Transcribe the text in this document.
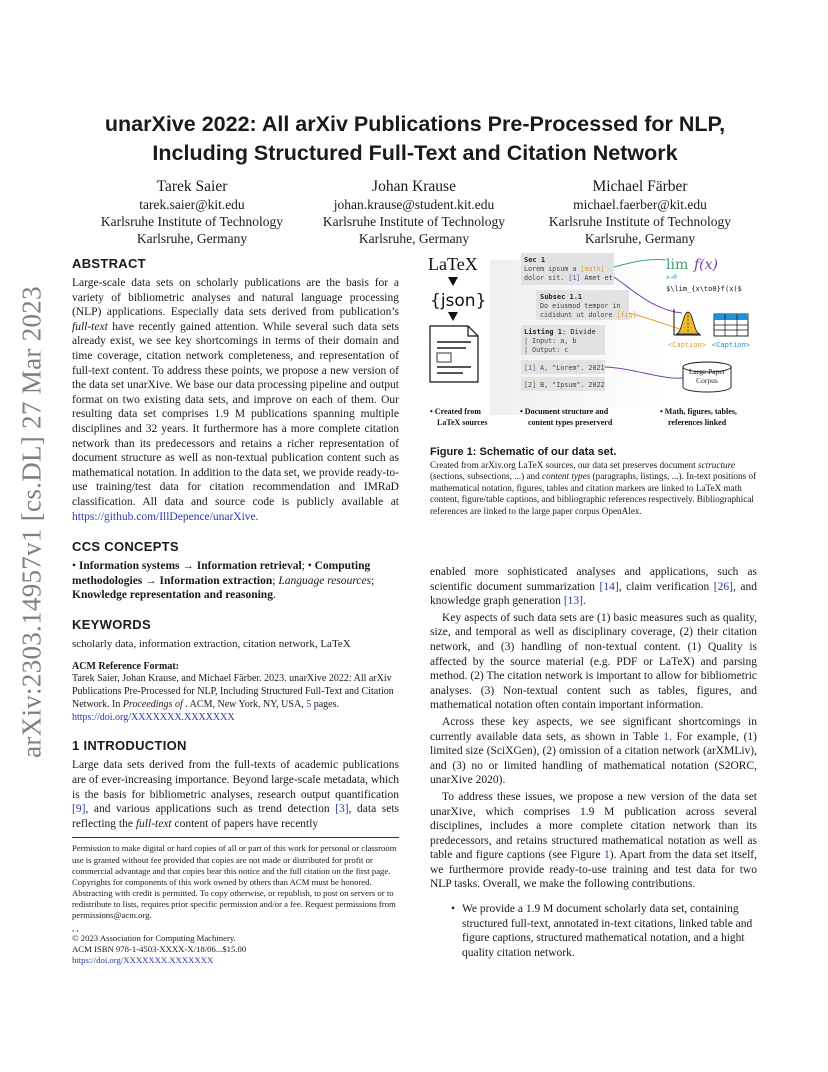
arXiv:2303.14957v1 [cs.DL] 27 Mar 2023
unarXive 2022: All arXiv Publications Pre-Processed for NLP,
Including Structured Full-Text and Citation Network
Tarek Saier
tarek.saier@kit.edu
Karlsruhe Institute of Technology
Karlsruhe, Germany
Johan Krause
johan.krause@student.kit.edu
Karlsruhe Institute of Technology
Karlsruhe, Germany
Michael Färber
michael.faerber@kit.edu
Karlsruhe Institute of Technology
Karlsruhe, Germany
ABSTRACT

Large-scale data sets on scholarly publications are the basis for a variety of bibliometric analyses and natural language processing (NLP) applications. Especially data sets derived from publication’s full-text have recently gained attention. While several such data sets already exist, we see key shortcomings in terms of their domain and time coverage, citation network completeness, and representation of full-text content. To address these points, we propose a new version of the data set unarXive. We base our data processing pipeline and output format on two existing data sets, and improve on each of them. Our resulting data set comprises 1.9 M publications spanning multiple disciplines and 32 years. It furthermore has a more complete citation network than its predecessors and retains a richer representation of document structure as well as non-textual publication content such as mathematical notation. In addition to the data set, we provide ready-to-use training/test data for citation recommendation and IMRaD classification. All data and source code is publicly available at https://github.com/IllDepence/unarXive.

CCS CONCEPTS

• Information systems → Information retrieval; • Computing methodologies → Information extraction; Language resources; Knowledge representation and reasoning.

KEYWORDS

scholarly data, information extraction, citation network, LaTeX

ACM Reference Format:

Tarek Saier, Johan Krause, and Michael Färber. 2023. unarXive 2022: All arXiv Publications Pre-Processed for NLP, Including Structured Full-Text and Citation Network. In Proceedings of . ACM, New York, NY, USA, 5 pages. https://doi.org/XXXXXXX.XXXXXXX

1 INTRODUCTION

Large data sets derived from the full-texts of academic publications are of ever-increasing importance. Beyond large-scale metadata, which is the basis for bibliometric analyses, research output quantification [9], and various applications such as trend detection [3], data sets reflecting the full-text content of papers have recently

Permission to make digital or hard copies of all or part of this work for personal or classroom use is granted without fee provided that copies are not made or distributed for profit or commercial advantage and that copies bear this notice and the full citation on the first page. Copyrights for components of this work owned by others than ACM must be honored. Abstracting with credit is permitted. To copy otherwise, or republish, to post on servers or to redistribute to lists, requires prior specific permission and/or a fee. Request permissions from permissions@acm.org.

, ,

© 2023 Association for Computing Machinery.

ACM ISBN 978-1-4503-XXXX-X/18/06...$15.00

https://doi.org/XXXXXXX.XXXXXXX

LaTeX
{json}
Sec 1
Lorem ipsum a [math]
dolor sit. [1] Amet et
Subsec 1.1
Do eiusmod tempor in
cididunt ut dolore [fig]
Listing 1: Divide
| Input: a, b
| Output: c
[1] A, "Lorem". 2021
[2] B, "Ipsum". 2022
lim
x→0
f(x)
$\lim_{x\to0}f(x)$
<Caption> <Caption>
Large Paper Corpus
• Created from
LaTeX sources
• Document structure and
content types preserverd
• Math, figures, tables,
references linked
Figure 1: Schematic of our data set.

Created from arXiv.org LaTeX sources, our data set preserves document sctructure (sections, subsections, ...) and content types (paragraphs, listings, ...). In-text positions of mathematical notation, figures, tables and citation markers are linked to LaTeX math content, figure/table captions, and bibliographic references respectively. Bibliographical references are linked to the large paper corpus OpenAlex.

enabled more sophisticated analyses and applications, such as scientific document summarization [14], claim verification [26], and knowledge graph generation [13].

Key aspects of such data sets are (1) basic measures such as quality, size, and temporal as well as disciplinary coverage, (2) their citation network, and (3) handling of non-textual content. (1) Quality is affected by the source material (e.g. PDF or LaTeX) and parsing method. (2) The citation network is important to allow for bibliometric analyses. (3) Non-textual content such as tables, figures, and mathematical notation often contain important information.

Across these key aspects, we see significant shortcomings in currently available data sets, as shown in Table 1. For example, (1) limited size (SciXGen), (2) omission of a citation network (arXMLiv), and (3) no or limited handling of mathematical notation (S2ORC, unarXive 2020).

To address these issues, we propose a new version of the data set unarXive, which comprises 1.9 M publication across several disciplines, includes a more complete citation network than its predecessors, and retains structured mathematical notation as well as table and figure captions (see Figure 1). Apart from the data set itself, we furthermore provide ready-to-use training and test data for two NLP tasks. Overall, we make the following contributions.

• We provide a 1.9 M document scholarly data set, containing structured full-text, annotated in-text citations, linked table and figure captions, structured mathematical notation, and a hight quality citation network.
